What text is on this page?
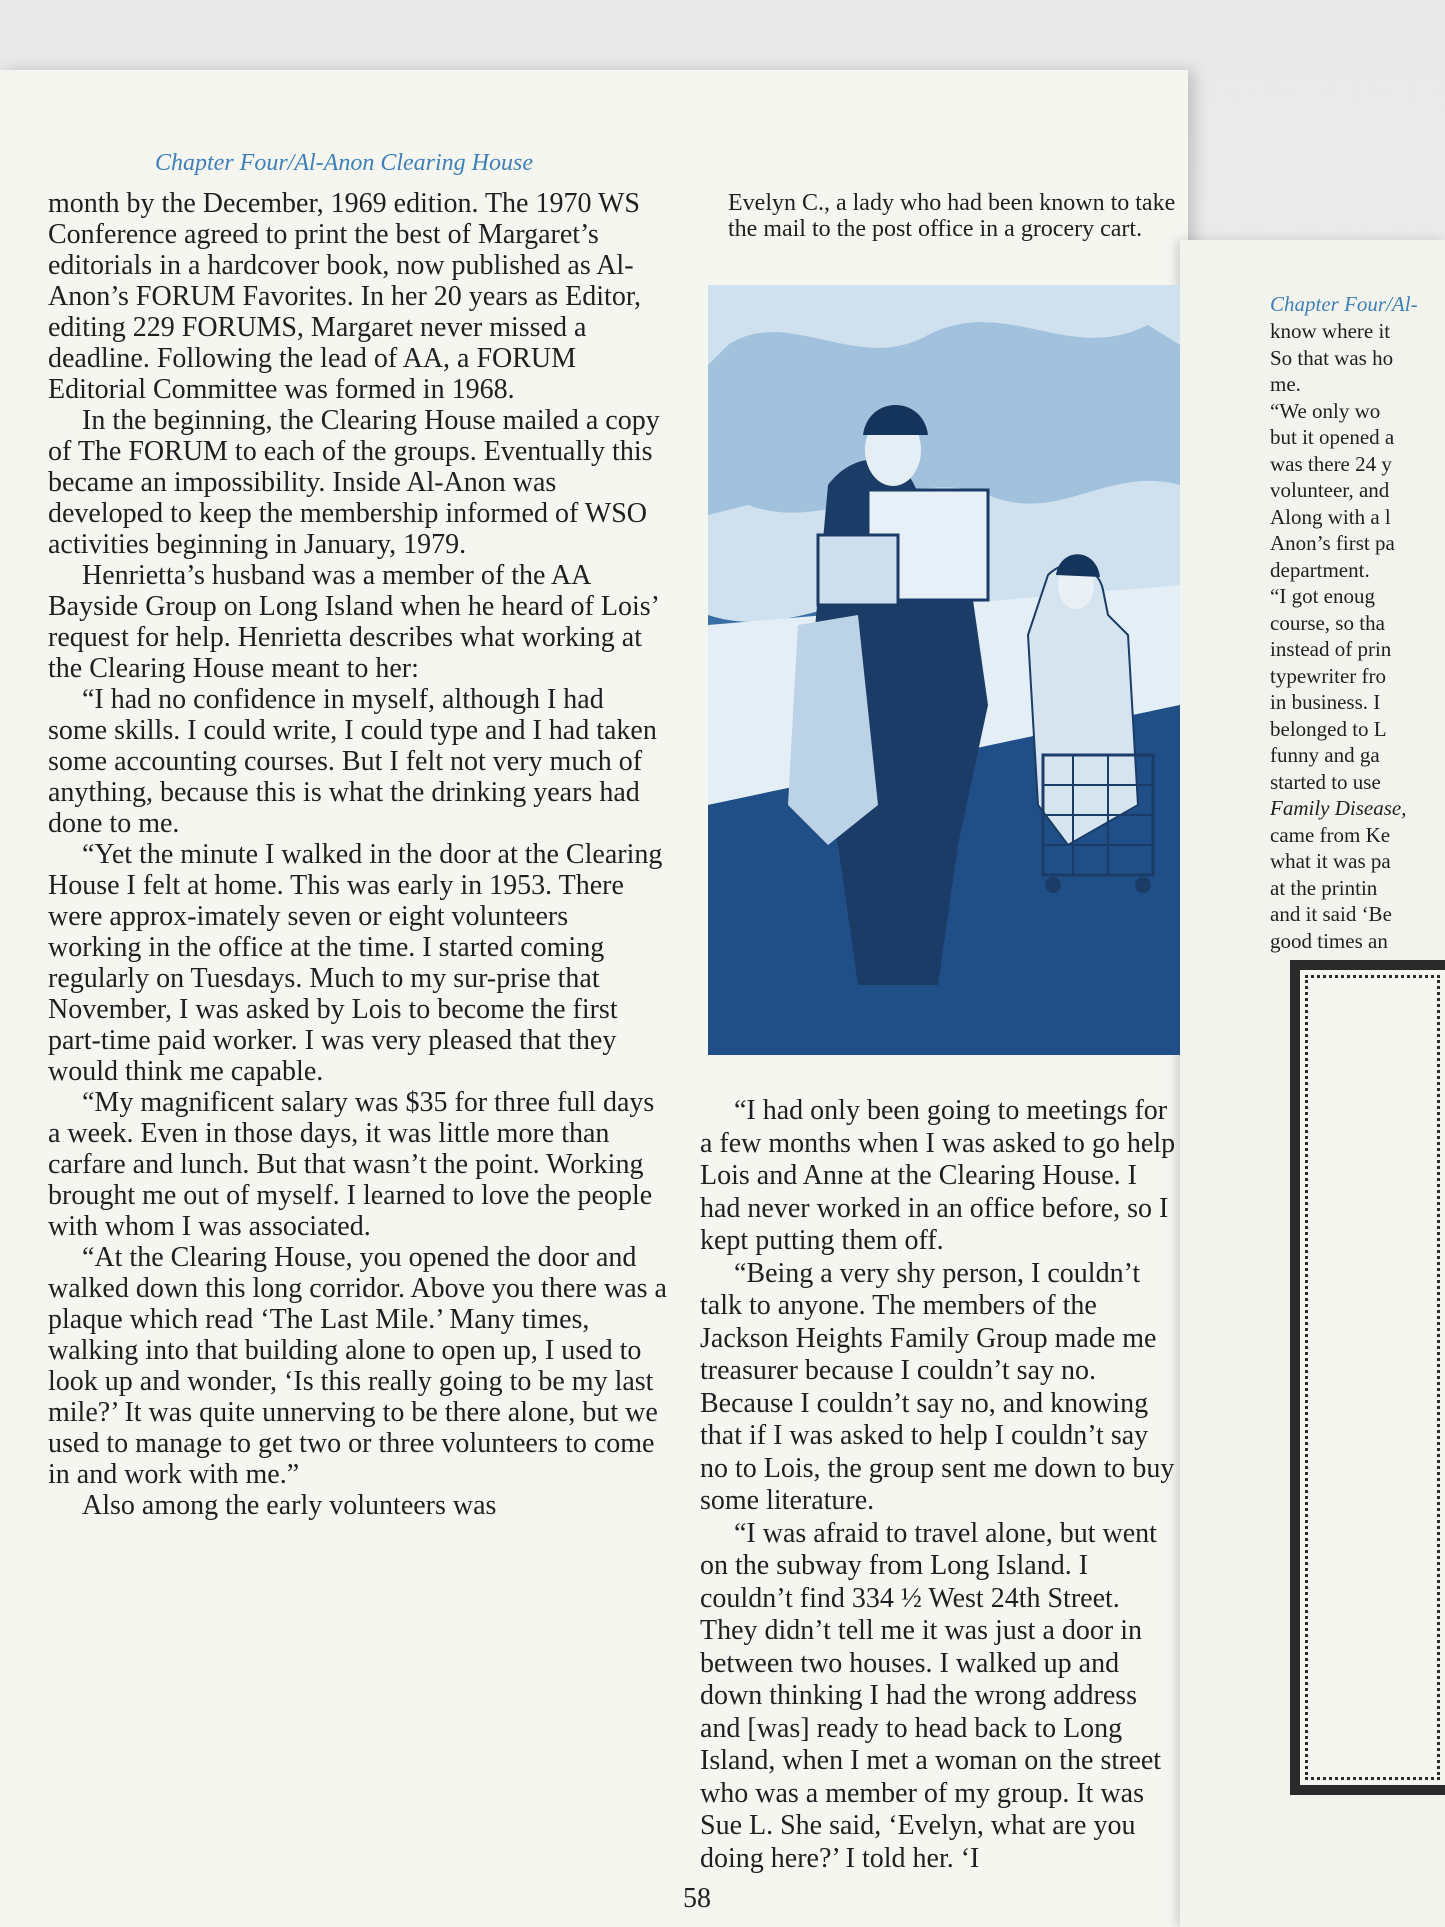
Chapter Four/Al-Anon Clearing House

month by the December, 1969 edition. The 1970 WS Conference agreed to print the best of Margaret’s editorials in a hardcover book, now published as Al-Anon’s FORUM Favorites. In her 20 years as Editor, editing 229 FORUMS, Margaret never missed a deadline. Following the lead of AA, a FORUM Editorial Committee was formed in 1968.

In the beginning, the Clearing House mailed a copy of The FORUM to each of the groups. Eventually this became an impossibility. Inside Al-Anon was developed to keep the membership informed of WSO activities beginning in January, 1979.

Henrietta’s husband was a member of the AA Bayside Group on Long Island when he heard of Lois’ request for help. Henrietta describes what working at the Clearing House meant to her:

“I had no confidence in myself, although I had some skills. I could write, I could type and I had taken some accounting courses. But I felt not very much of anything, because this is what the drinking years had done to me.

“Yet the minute I walked in the door at the Clearing House I felt at home. This was early in 1953. There were approx-imately seven or eight volunteers working in the office at the time. I started coming regularly on Tuesdays. Much to my sur-prise that November, I was asked by Lois to become the first part-time paid worker. I was very pleased that they would think me capable.

“My magnificent salary was $35 for three full days a week. Even in those days, it was little more than carfare and lunch. But that wasn’t the point. Working brought me out of myself. I learned to love the people with whom I was associated.

“At the Clearing House, you opened the door and walked down this long corridor. Above you there was a plaque which read ‘The Last Mile.’ Many times, walking into that building alone to open up, I used to look up and wonder, ‘Is this really going to be my last mile?’ It was quite unnerving to be there alone, but we used to manage to get two or three volunteers to come in and work with me.”

Also among the early volunteers was

Evelyn C., a lady who had been known to take the mail to the post office in a grocery cart.

“I had only been going to meetings for a few months when I was asked to go help Lois and Anne at the Clearing House. I had never worked in an office before, so I kept putting them off.

“Being a very shy person, I couldn’t talk to anyone. The members of the Jackson Heights Family Group made me treasurer because I couldn’t say no. Because I couldn’t say no, and knowing that if I was asked to help I couldn’t say no to Lois, the group sent me down to buy some literature.

“I was afraid to travel alone, but went on the subway from Long Island. I couldn’t find 334 ½ West 24th Street. They didn’t tell me it was just a door in between two houses. I walked up and down thinking I had the wrong address and [was] ready to head back to Long Island, when I met a woman on the street who was a member of my group. It was Sue L. She said, ‘Evelyn, what are you doing here?’ I told her. ‘I

58
Chapter Four/Al-

know where it

So that was ho

me.

“We only wo

but it opened a

was there 24 y

volunteer, and

Along with a l

Anon’s first pa

department.

“I got enoug

course, so tha

instead of prin

typewriter fro

in business. I

belonged to L

funny and ga

started to use

Family Disease,

came from Ke

what it was pa

at the printin

and it said ‘Be

good times an
